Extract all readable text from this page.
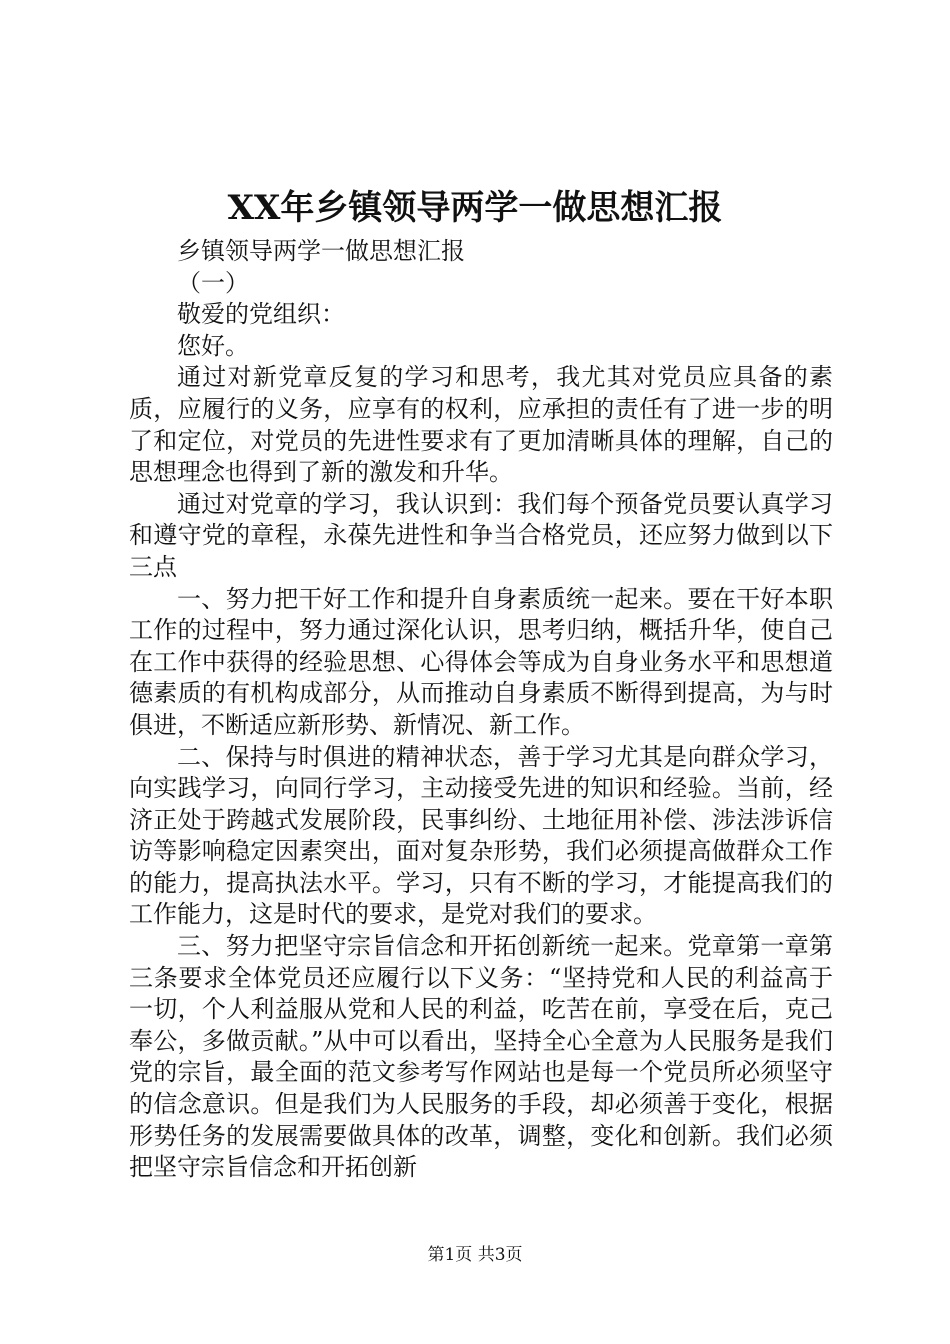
XX年乡镇领导两学一做思想汇报

乡镇领导两学一做思想汇报

（一）

敬爱的党组织：

您好。

通过对新党章反复的学习和思考，我尤其对党员应具备的素质，应履行的义务，应享有的权利，应承担的责任有了进一步的明了和定位，对党员的先进性要求有了更加清晰具体的理解，自己的思想理念也得到了新的激发和升华。

通过对党章的学习，我认识到：我们每个预备党员要认真学习和遵守党的章程，永葆先进性和争当合格党员，还应努力做到以下三点

一、努力把干好工作和提升自身素质统一起来。要在干好本职工作的过程中，努力通过深化认识，思考归纳，概括升华，使自己在工作中获得的经验思想、心得体会等成为自身业务水平和思想道德素质的有机构成部分，从而推动自身素质不断得到提高，为与时俱进，不断适应新形势、新情况、新工作。

二、保持与时俱进的精神状态，善于学习尤其是向群众学习，向实践学习，向同行学习，主动接受先进的知识和经验。当前，经济正处于跨越式发展阶段，民事纠纷、土地征用补偿、涉法涉诉信访等影响稳定因素突出，面对复杂形势，我们必须提高做群众工作的能力，提高执法水平。学习，只有不断的学习，才能提高我们的工作能力，这是时代的要求，是党对我们的要求。

三、努力把坚守宗旨信念和开拓创新统一起来。党章第一章第三条要求全体党员还应履行以下义务：“坚持党和人民的利益高于一切，个人利益服从党和人民的利益，吃苦在前，享受在后，克己奉公，多做贡献。”从中可以看出，坚持全心全意为人民服务是我们党的宗旨，最全面的范文参考写作网站也是每一个党员所必须坚守的信念意识。但是我们为人民服务的手段，却必须善于变化，根据形势任务的发展需要做具体的改革，调整，变化和创新。我们必须把坚守宗旨信念和开拓创新

第1页 共3页
